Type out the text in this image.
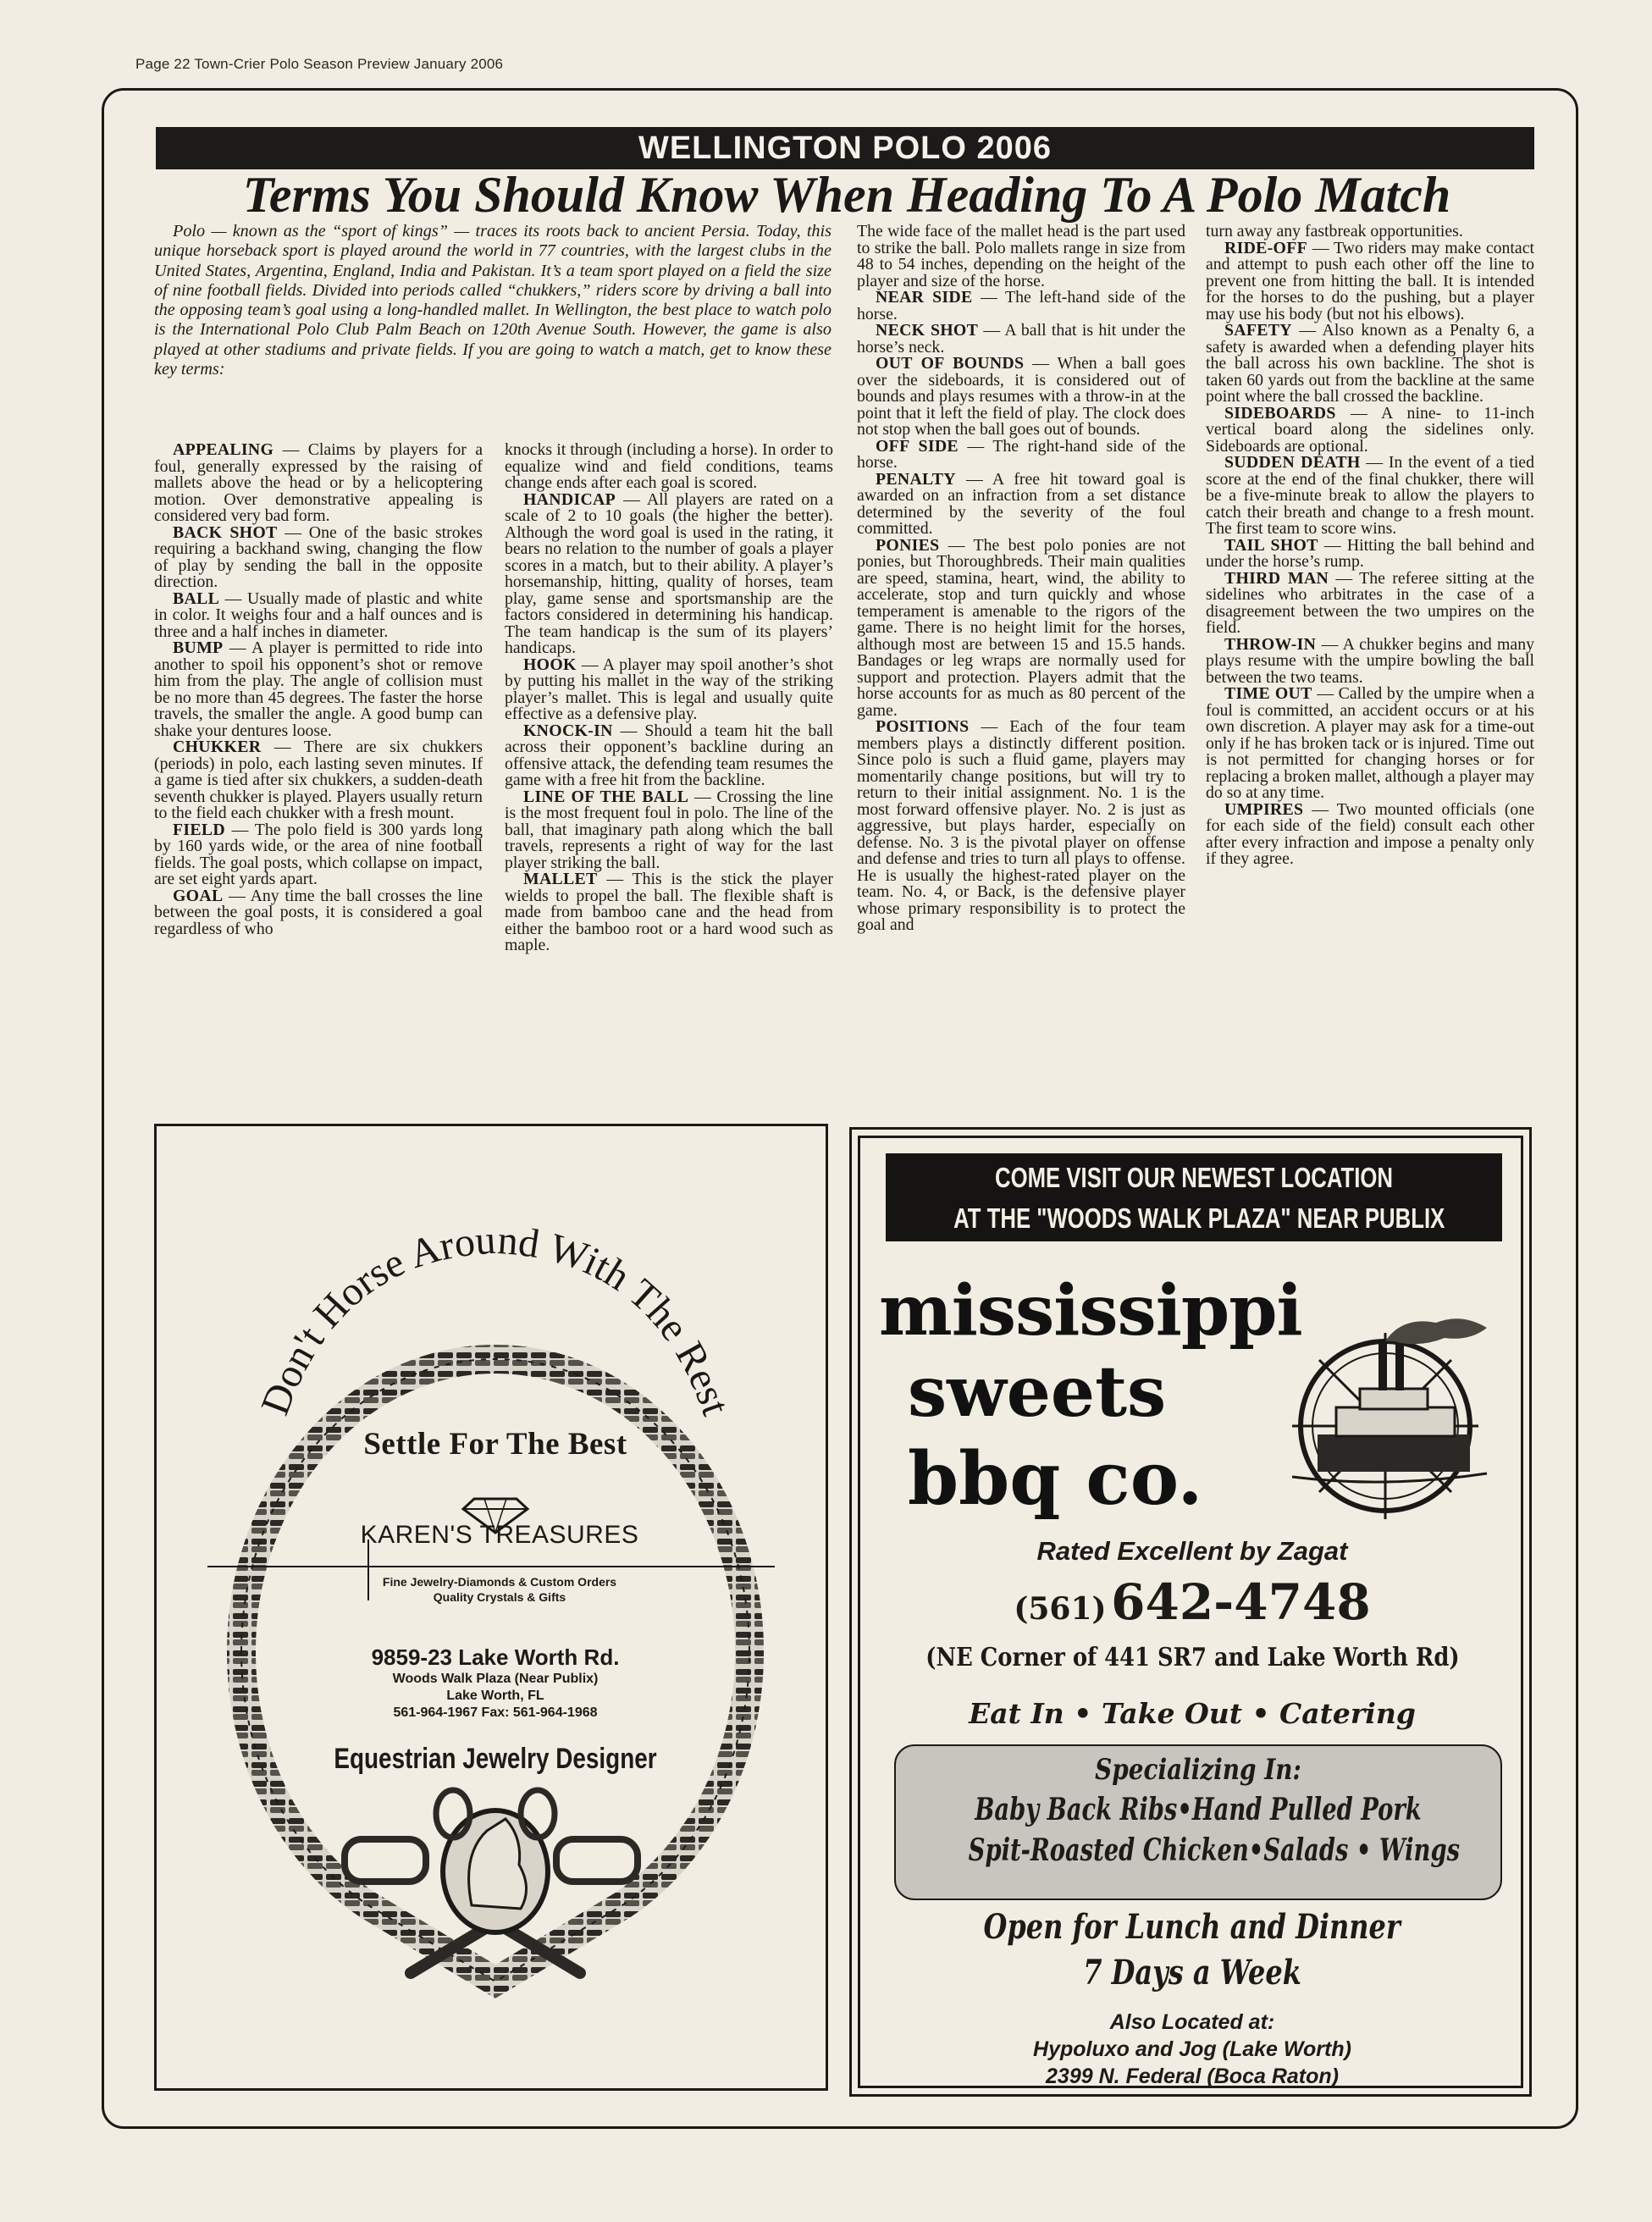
Page 22 Town-Crier Polo Season Preview January 2006
WELLINGTON POLO 2006
Terms You Should Know When Heading To A Polo Match
Polo — known as the “sport of kings” — traces its roots back to ancient Persia. Today, this unique horseback sport is played around the world in 77 countries, with the largest clubs in the United States, Argentina, England, India and Pakistan. It’s a team sport played on a field the size of nine football fields. Divided into periods called “chukkers,” riders score by driving a ball into the opposing team’s goal using a long-handled mallet. In Wellington, the best place to watch polo is the International Polo Club Palm Beach on 120th Avenue South. However, the game is also played at other stadiums and private fields. If you are going to watch a match, get to know these key terms:

APPEALING — Claims by players for a foul, generally expressed by the raising of mallets above the head or by a helicoptering motion. Over demonstrative appealing is considered very bad form.

BACK SHOT — One of the basic strokes requiring a backhand swing, changing the flow of play by sending the ball in the opposite direction.

BALL — Usually made of plastic and white in color. It weighs four and a half ounces and is three and a half inches in diameter.

BUMP — A player is permitted to ride into another to spoil his opponent’s shot or remove him from the play. The angle of collision must be no more than 45 degrees. The faster the horse travels, the smaller the angle. A good bump can shake your dentures loose.

CHUKKER — There are six chukkers (periods) in polo, each lasting seven minutes. If a game is tied after six chukkers, a sudden-death seventh chukker is played. Players usually return to the field each chukker with a fresh mount.

FIELD — The polo field is 300 yards long by 160 yards wide, or the area of nine football fields. The goal posts, which collapse on impact, are set eight yards apart.

GOAL — Any time the ball crosses the line between the goal posts, it is considered a goal regardless of who

knocks it through (including a horse). In order to equalize wind and field conditions, teams change ends after each goal is scored.

HANDICAP — All players are rated on a scale of 2 to 10 goals (the higher the better). Although the word goal is used in the rating, it bears no relation to the number of goals a player scores in a match, but to their ability. A player’s horsemanship, hitting, quality of horses, team play, game sense and sportsmanship are the factors considered in determining his handicap. The team handicap is the sum of its players’ handicaps.

HOOK — A player may spoil another’s shot by putting his mallet in the way of the striking player’s mallet. This is legal and usually quite effective as a defensive play.

KNOCK-IN — Should a team hit the ball across their opponent’s backline during an offensive attack, the defending team resumes the game with a free hit from the backline.

LINE OF THE BALL — Crossing the line is the most frequent foul in polo. The line of the ball, that imaginary path along which the ball travels, represents a right of way for the last player striking the ball.

MALLET — This is the stick the player wields to propel the ball. The flexible shaft is made from bamboo cane and the head from either the bamboo root or a hard wood such as maple.

The wide face of the mallet head is the part used to strike the ball. Polo mallets range in size from 48 to 54 inches, depending on the height of the player and size of the horse.

NEAR SIDE — The left-hand side of the horse.

NECK SHOT — A ball that is hit under the horse’s neck.

OUT OF BOUNDS — When a ball goes over the sideboards, it is considered out of bounds and plays resumes with a throw-in at the point that it left the field of play. The clock does not stop when the ball goes out of bounds.

OFF SIDE — The right-hand side of the horse.

PENALTY — A free hit toward goal is awarded on an infraction from a set distance determined by the severity of the foul committed.

PONIES — The best polo ponies are not ponies, but Thoroughbreds. Their main qualities are speed, stamina, heart, wind, the ability to accelerate, stop and turn quickly and whose temperament is amenable to the rigors of the game. There is no height limit for the horses, although most are between 15 and 15.5 hands. Bandages or leg wraps are normally used for support and protection. Players admit that the horse accounts for as much as 80 percent of the game.

POSITIONS — Each of the four team members plays a distinctly different position. Since polo is such a fluid game, players may momentarily change positions, but will try to return to their initial assignment. No. 1 is the most forward offensive player. No. 2 is just as aggressive, but plays harder, especially on defense. No. 3 is the pivotal player on offense and defense and tries to turn all plays to offense. He is usually the highest-rated player on the team. No. 4, or Back, is the defensive player whose primary responsibility is to protect the goal and

turn away any fastbreak opportunities.

RIDE-OFF — Two riders may make contact and attempt to push each other off the line to prevent one from hitting the ball. It is intended for the horses to do the pushing, but a player may use his body (but not his elbows).

SAFETY — Also known as a Penalty 6, a safety is awarded when a defending player hits the ball across his own backline. The shot is taken 60 yards out from the backline at the same point where the ball crossed the backline.

SIDEBOARDS — A nine- to 11-inch vertical board along the sidelines only. Sideboards are optional.

SUDDEN DEATH — In the event of a tied score at the end of the final chukker, there will be a five-minute break to allow the players to catch their breath and change to a fresh mount. The first team to score wins.

TAIL SHOT — Hitting the ball behind and under the horse’s rump.

THIRD MAN — The referee sitting at the sidelines who arbitrates in the case of a disagreement between the two umpires on the field.

THROW-IN — A chukker begins and many plays resume with the umpire bowling the ball between the two teams.

TIME OUT — Called by the umpire when a foul is committed, an accident occurs or at his own discretion. A player may ask for a time-out only if he has broken tack or is injured. Time out is not permitted for changing horses or for replacing a broken mallet, although a player may do so at any time.

UMPIRES — Two mounted officials (one for each side of the field) consult each other after every infraction and impose a penalty only if they agree.

Don't Horse Around With The Rest
Settle For The Best
KAREN'S TREASURES
Fine Jewelry-Diamonds & Custom Orders
Quality Crystals & Gifts
9859-23 Lake Worth Rd.
Woods Walk Plaza (Near Publix)
Lake Worth, FL
561-964-1967 Fax: 561-964-1968
Equestrian Jewelry Designer
COME VISIT OUR NEWEST LOCATION
AT THE "WOODS WALK PLAZA" NEAR PUBLIX
mississippi
sweets
bbq co.
Rated Excellent by Zagat
(561) 642-4748
(NE Corner of 441 SR7 and Lake Worth Rd)
Eat In • Take Out • Catering
Specializing In:
Baby Back Ribs•Hand Pulled Pork
Spit-Roasted Chicken•Salads • Wings
Open for Lunch and Dinner
7 Days a Week
Also Located at:
Hypoluxo and Jog (Lake Worth)
2399 N. Federal (Boca Raton)
